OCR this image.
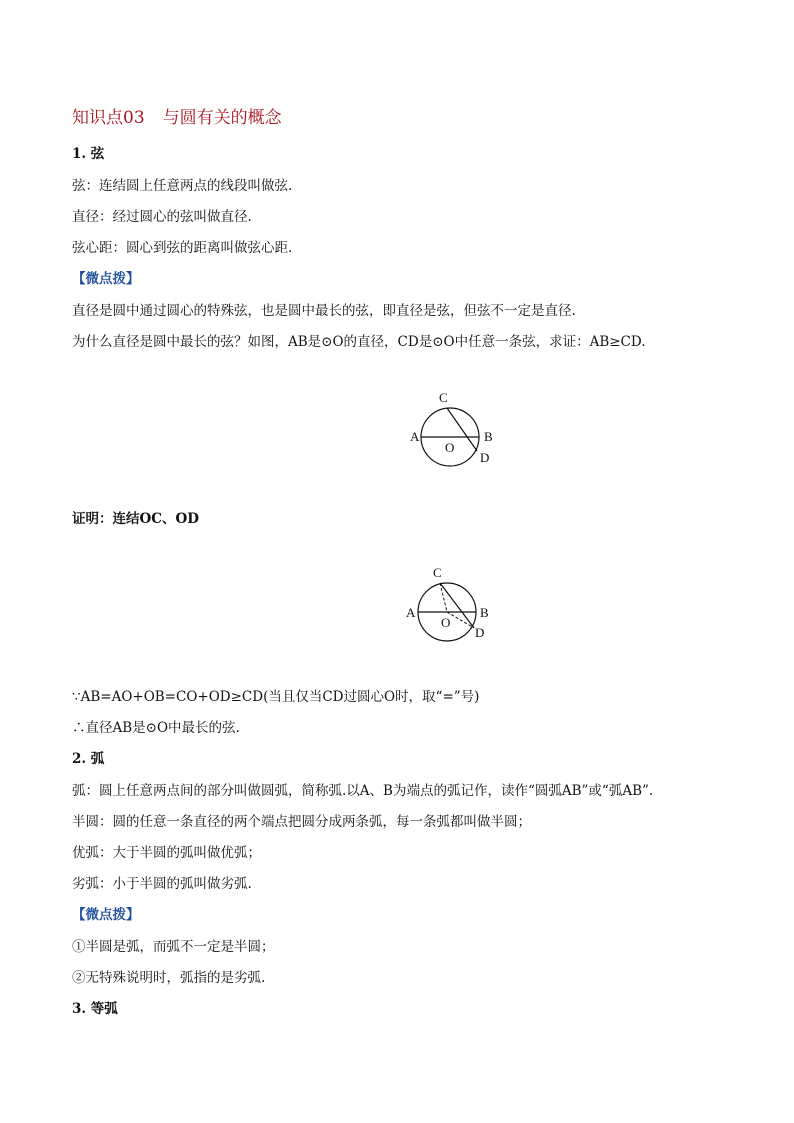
知识点03 与圆有关的概念
1. 弦
弦：连结圆上任意两点的线段叫做弦.
直径：经过圆心的弦叫做直径.
弦心距：圆心到弦的距离叫做弦心距.
【微点拨】
直径是圆中通过圆心的特殊弦，也是圆中最长的弦，即直径是弦，但弦不一定是直径.
为什么直径是圆中最长的弦？如图，AB是⊙O的直径，CD是⊙O中任意一条弦，求证：AB≥CD.
A	B
C
D
O
证明：连结OC、OD
A	B
C
D
O
∵AB=AO+OB=CO+OD≥CD(当且仅当CD过圆心O时，取“=”号)
∴直径AB是⊙O中最长的弦.
2. 弧
弧：圆上任意两点间的部分叫做圆弧，简称弧.以A、B为端点的弧记作，读作“圆弧AB”或“弧AB”.
半圆：圆的任意一条直径的两个端点把圆分成两条弧，每一条弧都叫做半圆；
优弧：大于半圆的弧叫做优弧；
劣弧：小于半圆的弧叫做劣弧.
【微点拨】
①半圆是弧，而弧不一定是半圆；
②无特殊说明时，弧指的是劣弧.
3. 等弧
